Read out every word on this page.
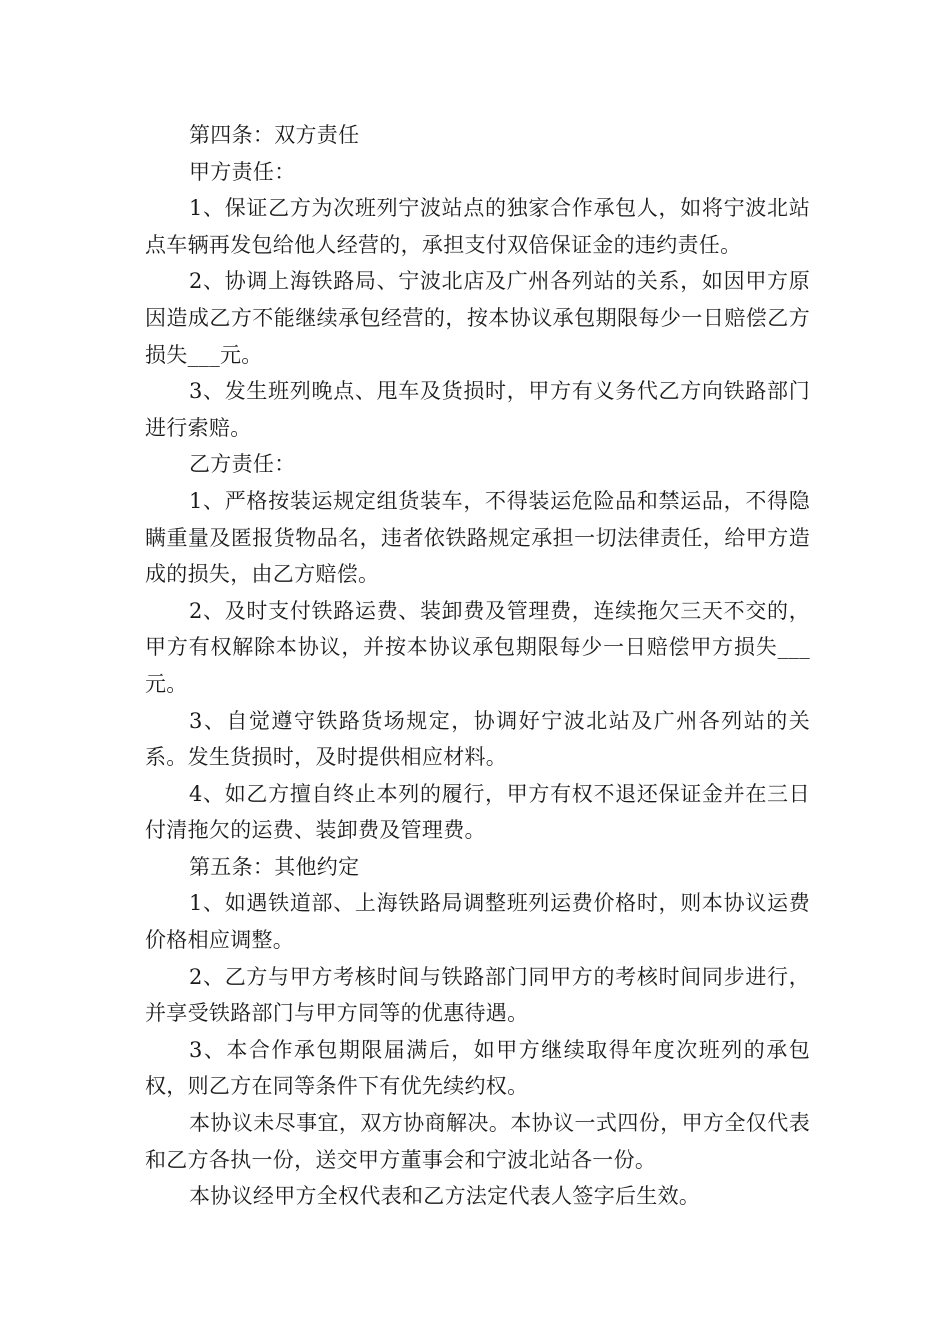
第四条：双方责任

甲方责任：

1、保证乙方为次班列宁波站点的独家合作承包人，如将宁波北站点车辆再发包给他人经营的，承担支付双倍保证金的违约责任。

2、协调上海铁路局、宁波北店及广州各列站的关系，如因甲方原因造成乙方不能继续承包经营的，按本协议承包期限每少一日赔偿乙方损失___元。

3、发生班列晚点、甩车及货损时，甲方有义务代乙方向铁路部门进行索赔。

乙方责任：

1、严格按装运规定组货装车，不得装运危险品和禁运品，不得隐瞒重量及匿报货物品名，违者依铁路规定承担一切法律责任，给甲方造成的损失，由乙方赔偿。

2、及时支付铁路运费、装卸费及管理费，连续拖欠三天不交的，甲方有权解除本协议，并按本协议承包期限每少一日赔偿甲方损失___元。

3、自觉遵守铁路货场规定，协调好宁波北站及广州各列站的关系。发生货损时，及时提供相应材料。

4、如乙方擅自终止本列的履行，甲方有权不退还保证金并在三日付清拖欠的运费、装卸费及管理费。

第五条：其他约定

1、如遇铁道部、上海铁路局调整班列运费价格时，则本协议运费价格相应调整。

2、乙方与甲方考核时间与铁路部门同甲方的考核时间同步进行，并享受铁路部门与甲方同等的优惠待遇。

3、本合作承包期限届满后，如甲方继续取得年度次班列的承包权，则乙方在同等条件下有优先续约权。

本协议未尽事宜，双方协商解决。本协议一式四份，甲方全仅代表和乙方各执一份，送交甲方董事会和宁波北站各一份。

本协议经甲方全权代表和乙方法定代表人签字后生效。
